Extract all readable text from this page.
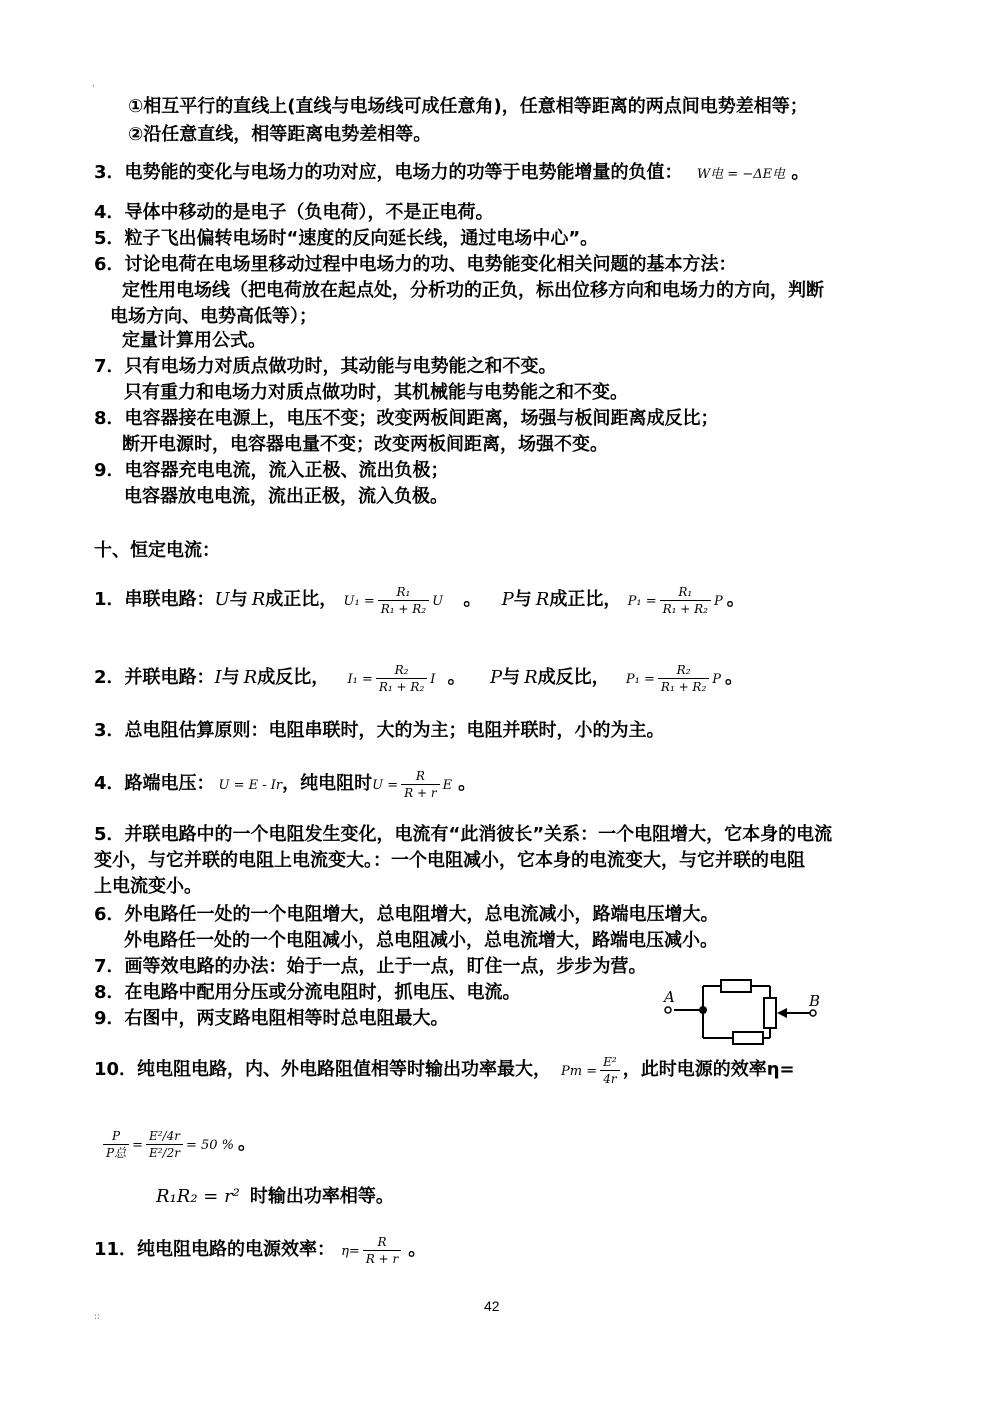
'
①相互平行的直线上(直线与电场线可成任意角)，任意相等距离的两点间电势差相等；
②沿任意直线，相等距离电势差相等。
3．电势能的变化与电场力的功对应，电场力的功等于电势能增量的负值： W电 = −ΔE电 。
4．导体中移动的是电子（负电荷），不是正电荷。
5．粒子飞出偏转电场时“速度的反向延长线，通过电场中心”。
6．讨论电荷在电场里移动过程中电场力的功、电势能变化相关问题的基本方法：
定性用电场线（把电荷放在起点处，分析功的正负，标出位移方向和电场力的方向，判断
电场方向、电势高低等）；
定量计算用公式。
7．只有电场力对质点做功时，其动能与电势能之和不变。
只有重力和电场力对质点做功时，其机械能与电势能之和不变。
8．电容器接在电源上，电压不变；改变两板间距离，场强与板间距离成反比；
断开电源时，电容器电量不变；改变两板间距离，场强不变。
9．电容器充电电流，流入正极、流出负极；
电容器放电电流，流出正极，流入负极。
十、恒定电流：
1．串联电路：U与 R成正比， $U_1 = \frac{\text{R₁}}{\text{R₁ + R₂}}$ U 。 P与 R成正比， $P_1 = \frac{\text{R₁}}{\text{R₁ + R₂}}$ P 。
2．并联电路：I与 R成反比， $I_1 = \frac{\text{R₂}}{\text{R₁ + R₂}}$ I 。 P与 R成反比， $P_1 = \frac{\text{R₂}}{\text{R₁ + R₂}}$ P 。
3．总电阻估算原则：电阻串联时，大的为主；电阻并联时，小的为主。
4．路端电压： U = E - Ir，纯电阻时$U = \frac{R}{R + r}$ E 。
5．并联电路中的一个电阻发生变化，电流有“此消彼长”关系：一个电阻增大，它本身的电流
变小，与它并联的电阻上电流变大。：一个电阻减小，它本身的电流变大，与它并联的电阻
上电流变小。
6．外电路任一处的一个电阻增大，总电阻增大，总电流减小，路端电压增大。
外电路任一处的一个电阻减小，总电阻减小，总电流增大，路端电压减小。
7．画等效电路的办法：始于一点，止于一点，盯住一点，步步为营。
8．在电路中配用分压或分流电阻时，抓电压、电流。
9．右图中，两支路电阻相等时总电阻最大。
A	B
10．纯电阻电路，内、外电路阻值相等时输出功率最大， $Pm = \frac{\text{E²}}{4r}$ ，此时电源的效率η=
$\frac{P}{\text{P总}} = \frac{\text{E²/4r}}{\text{E²/2r}} = 50$ % 。
R₁R₂ = r² 时输出功率相等。
11．纯电阻电路的电源效率： $\eta= \frac{R}{R + r}$ 。
::
42
